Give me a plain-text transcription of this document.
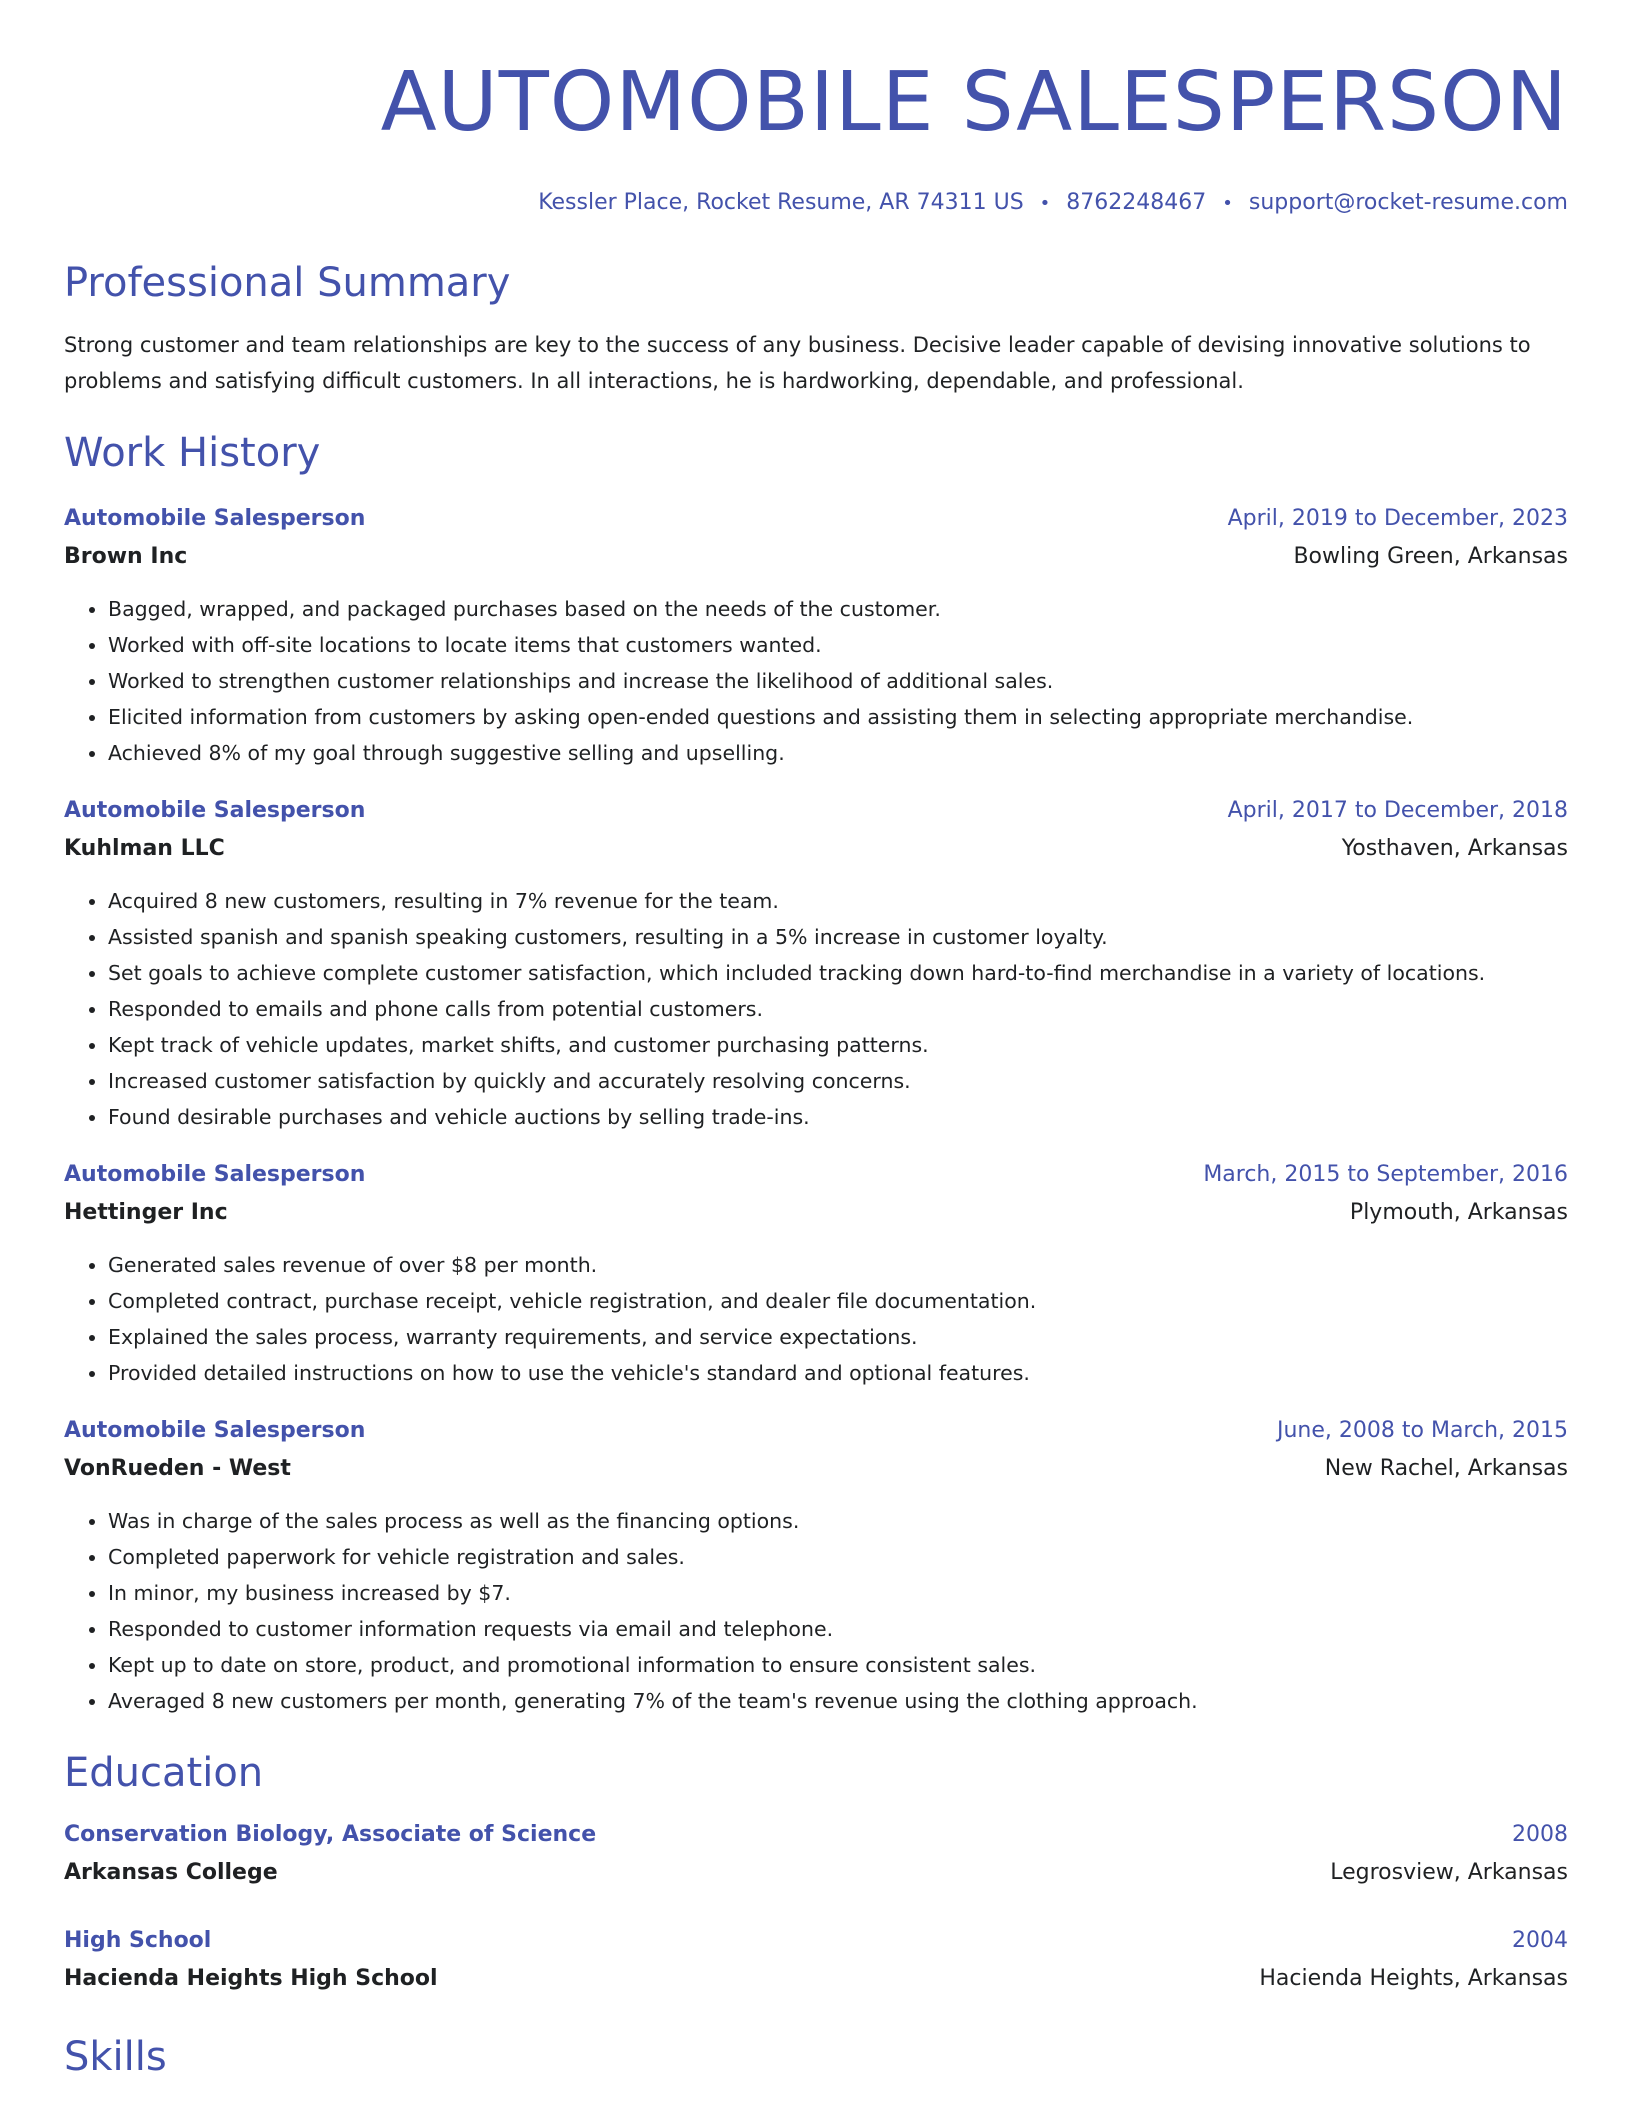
AUTOMOBILE SALESPERSON
Kessler Place, Rocket Resume, AR 74311 US • 8762248467 • support@rocket-resume.com
Professional Summary

Strong customer and team relationships are key to the success of any business. Decisive leader capable of devising innovative solutions to problems and satisfying difficult customers. In all interactions, he is hardworking, dependable, and professional.

Work History
Automobile Salesperson	April, 2019 to December, 2023
Brown Inc	Bowling Green, Arkansas
• Bagged, wrapped, and packaged purchases based on the needs of the customer.
• Worked with off-site locations to locate items that customers wanted.
• Worked to strengthen customer relationships and increase the likelihood of additional sales.
• Elicited information from customers by asking open-ended questions and assisting them in selecting appropriate merchandise.
• Achieved 8% of my goal through suggestive selling and upselling.
Automobile Salesperson	April, 2017 to December, 2018
Kuhlman LLC	Yosthaven, Arkansas
• Acquired 8 new customers, resulting in 7% revenue for the team.
• Assisted spanish and spanish speaking customers, resulting in a 5% increase in customer loyalty.
• Set goals to achieve complete customer satisfaction, which included tracking down hard-to-find merchandise in a variety of locations.
• Responded to emails and phone calls from potential customers.
• Kept track of vehicle updates, market shifts, and customer purchasing patterns.
• Increased customer satisfaction by quickly and accurately resolving concerns.
• Found desirable purchases and vehicle auctions by selling trade-ins.
Automobile Salesperson	March, 2015 to September, 2016
Hettinger Inc	Plymouth, Arkansas
• Generated sales revenue of over $8 per month.
• Completed contract, purchase receipt, vehicle registration, and dealer file documentation.
• Explained the sales process, warranty requirements, and service expectations.
• Provided detailed instructions on how to use the vehicle's standard and optional features.
Automobile Salesperson	June, 2008 to March, 2015
VonRueden - West	New Rachel, Arkansas
• Was in charge of the sales process as well as the financing options.
• Completed paperwork for vehicle registration and sales.
• In minor, my business increased by $7.
• Responded to customer information requests via email and telephone.
• Kept up to date on store, product, and promotional information to ensure consistent sales.
• Averaged 8 new customers per month, generating 7% of the team's revenue using the clothing approach.
Education
Conservation Biology, Associate of Science	2008
Arkansas College	Legrosview, Arkansas
High School	2004
Hacienda Heights High School	Hacienda Heights, Arkansas
Skills
